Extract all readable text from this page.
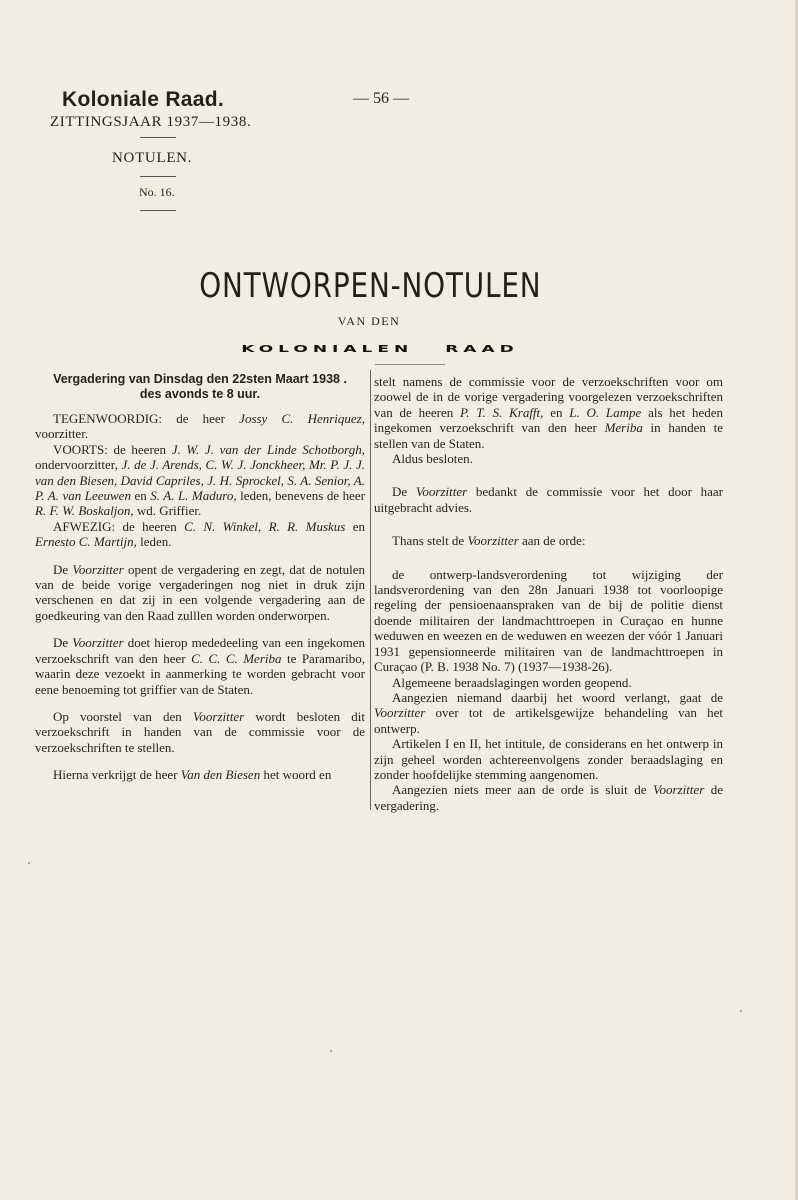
Koloniale Raad.
ZITTINGSJAAR 1937—1938.
NOTULEN.
No. 16.
— 56 —
ONTWORPEN-NOTULEN
VAN DEN
KOLONIALEN RAAD

Vergadering van Dinsdag den 22sten Maart 1938 .
des avonds te 8 uur.

TEGENWOORDIG: de heer Jossy C. Henriquez, voorzitter.

VOORTS: de heeren J. W. J. van der Linde Schotborgh, ondervoorzitter, J. de J. Arends, C. W. J. Jonckheer, Mr. P. J. J. van den Biesen, David Capriles, J. H. Sprockel, S. A. Senior, A. P. A. van Leeuwen en S. A. L. Maduro, leden, benevens de heer R. F. W. Boskaljon, wd. Griffier.

AFWEZIG: de heeren C. N. Winkel, R. R. Muskus en Ernesto C. Martijn, leden.

De Voorzitter opent de vergadering en zegt, dat de notulen van de beide vorige vergaderingen nog niet in druk zijn verschenen en dat zij in een volgende vergadering aan de goedkeuring van den Raad zulllen worden onderworpen.

De Voorzitter doet hierop mededeeling van een ingekomen verzoekschrift van den heer C. C. C. Meriba te Paramaribo, waarin deze vezoekt in aanmerking te worden gebracht voor eene benoeming tot griffier van de Staten.

Op voorstel van den Voorzitter wordt besloten dit verzoekschrift in handen van de commissie voor de verzoekschriften te stellen.

Hierna verkrijgt de heer Van den Biesen het woord en

stelt namens de commissie voor de verzoekschriften voor om zoowel de in de vorige vergadering voorgelezen verzoekschriften van de heeren P. T. S. Krafft, en L. O. Lampe als het heden ingekomen verzoekschrift van den heer Meriba in handen te stellen van de Staten.

Aldus besloten.

De Voorzitter bedankt de commissie voor het door haar uitgebracht advies.

Thans stelt de Voorzitter aan de orde:

de ontwerp-landsverordening tot wijziging der landsverordening van den 28n Januari 1938 tot voorloopige regeling der pensioenaanspraken van de bij de politie dienst doende militairen der landmachttroepen in Curaçao en hunne weduwen en weezen en de weduwen en weezen der vóór 1 Januari 1931 gepensionneerde militairen van de landmachttroepen in Curaçao (P. B. 1938 No. 7) (1937—1938-26).

Algemeene beraadslagingen worden geopend.

Aangezien niemand daarbij het woord verlangt, gaat de Voorzitter over tot de artikelsgewijze behandeling van het ontwerp.

Artikelen I en II, het intitule, de considerans en het ontwerp in zijn geheel worden achtereenvolgens zonder beraadslaging en zonder hoofdelijke stemming aangenomen.

Aangezien niets meer aan de orde is sluit de Voorzitter de vergadering.
